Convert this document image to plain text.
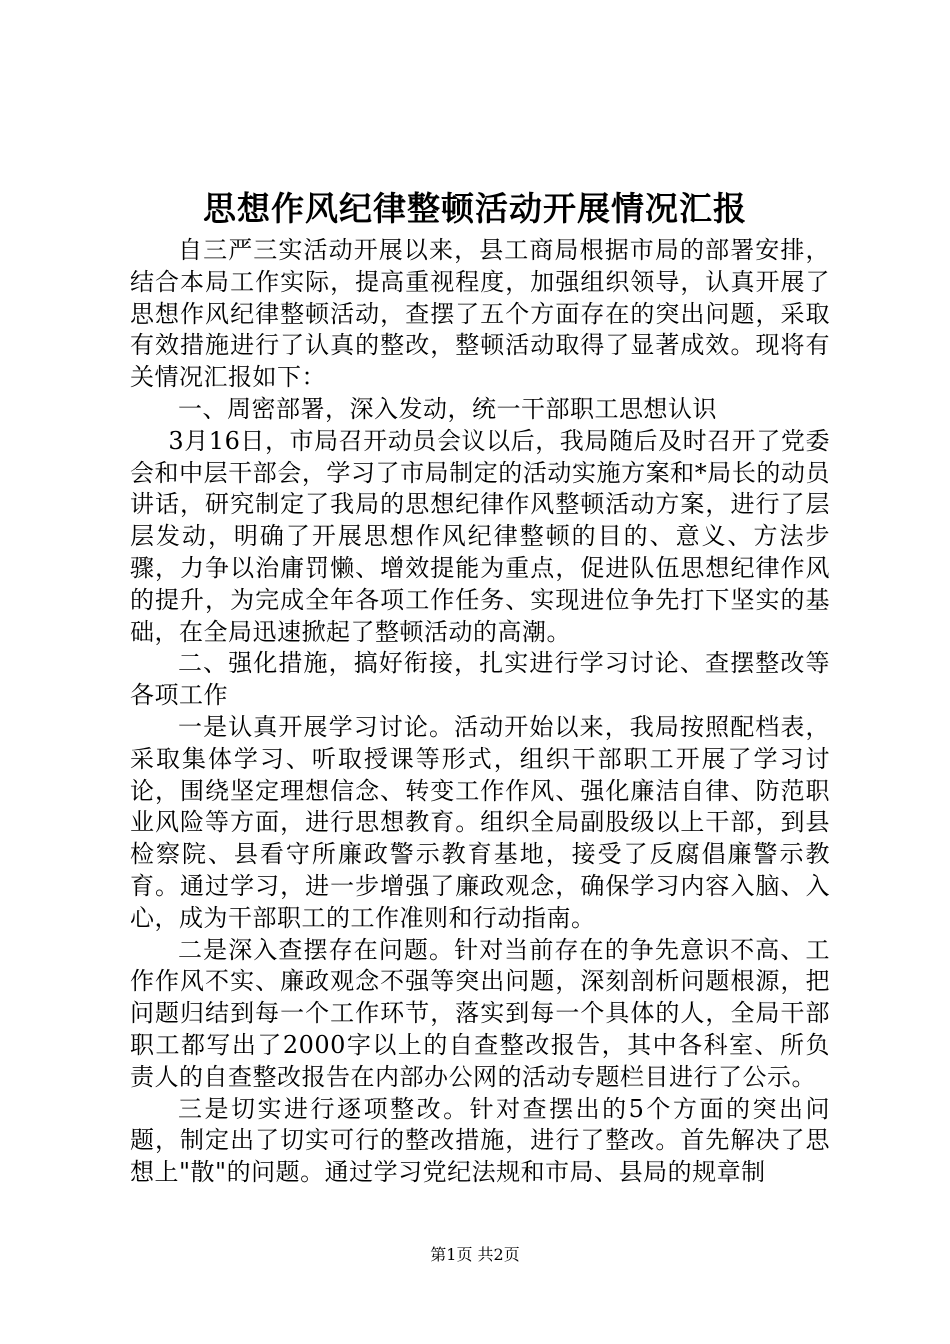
思想作风纪律整顿活动开展情况汇报

自三严三实活动开展以来，县工商局根据市局的部署安排，结合本局工作实际，提高重视程度，加强组织领导，认真开展了思想作风纪律整顿活动，查摆了五个方面存在的突出问题，采取有效措施进行了认真的整改，整顿活动取得了显著成效。现将有关情况汇报如下：

一、周密部署，深入发动，统一干部职工思想认识

3月16日，市局召开动员会议以后，我局随后及时召开了党委会和中层干部会，学习了市局制定的活动实施方案和*局长的动员讲话，研究制定了我局的思想纪律作风整顿活动方案，进行了层层发动，明确了开展思想作风纪律整顿的目的、意义、方法步骤，力争以治庸罚懒、增效提能为重点，促进队伍思想纪律作风的提升，为完成全年各项工作任务、实现进位争先打下坚实的基础，在全局迅速掀起了整顿活动的高潮。

二、强化措施，搞好衔接，扎实进行学习讨论、查摆整改等各项工作

一是认真开展学习讨论。活动开始以来，我局按照配档表，采取集体学习、听取授课等形式，组织干部职工开展了学习讨论，围绕坚定理想信念、转变工作作风、强化廉洁自律、防范职业风险等方面，进行思想教育。组织全局副股级以上干部，到县检察院、县看守所廉政警示教育基地，接受了反腐倡廉警示教育。通过学习，进一步增强了廉政观念，确保学习内容入脑、入心，成为干部职工的工作准则和行动指南。

二是深入查摆存在问题。针对当前存在的争先意识不高、工作作风不实、廉政观念不强等突出问题，深刻剖析问题根源，把问题归结到每一个工作环节，落实到每一个具体的人，全局干部职工都写出了2000字以上的自查整改报告，其中各科室、所负责人的自查整改报告在内部办公网的活动专题栏目进行了公示。

三是切实进行逐项整改。针对查摆出的5个方面的突出问题，制定出了切实可行的整改措施，进行了整改。首先解决了思想上"散"的问题。通过学习党纪法规和市局、县局的规章制

第1页 共2页
